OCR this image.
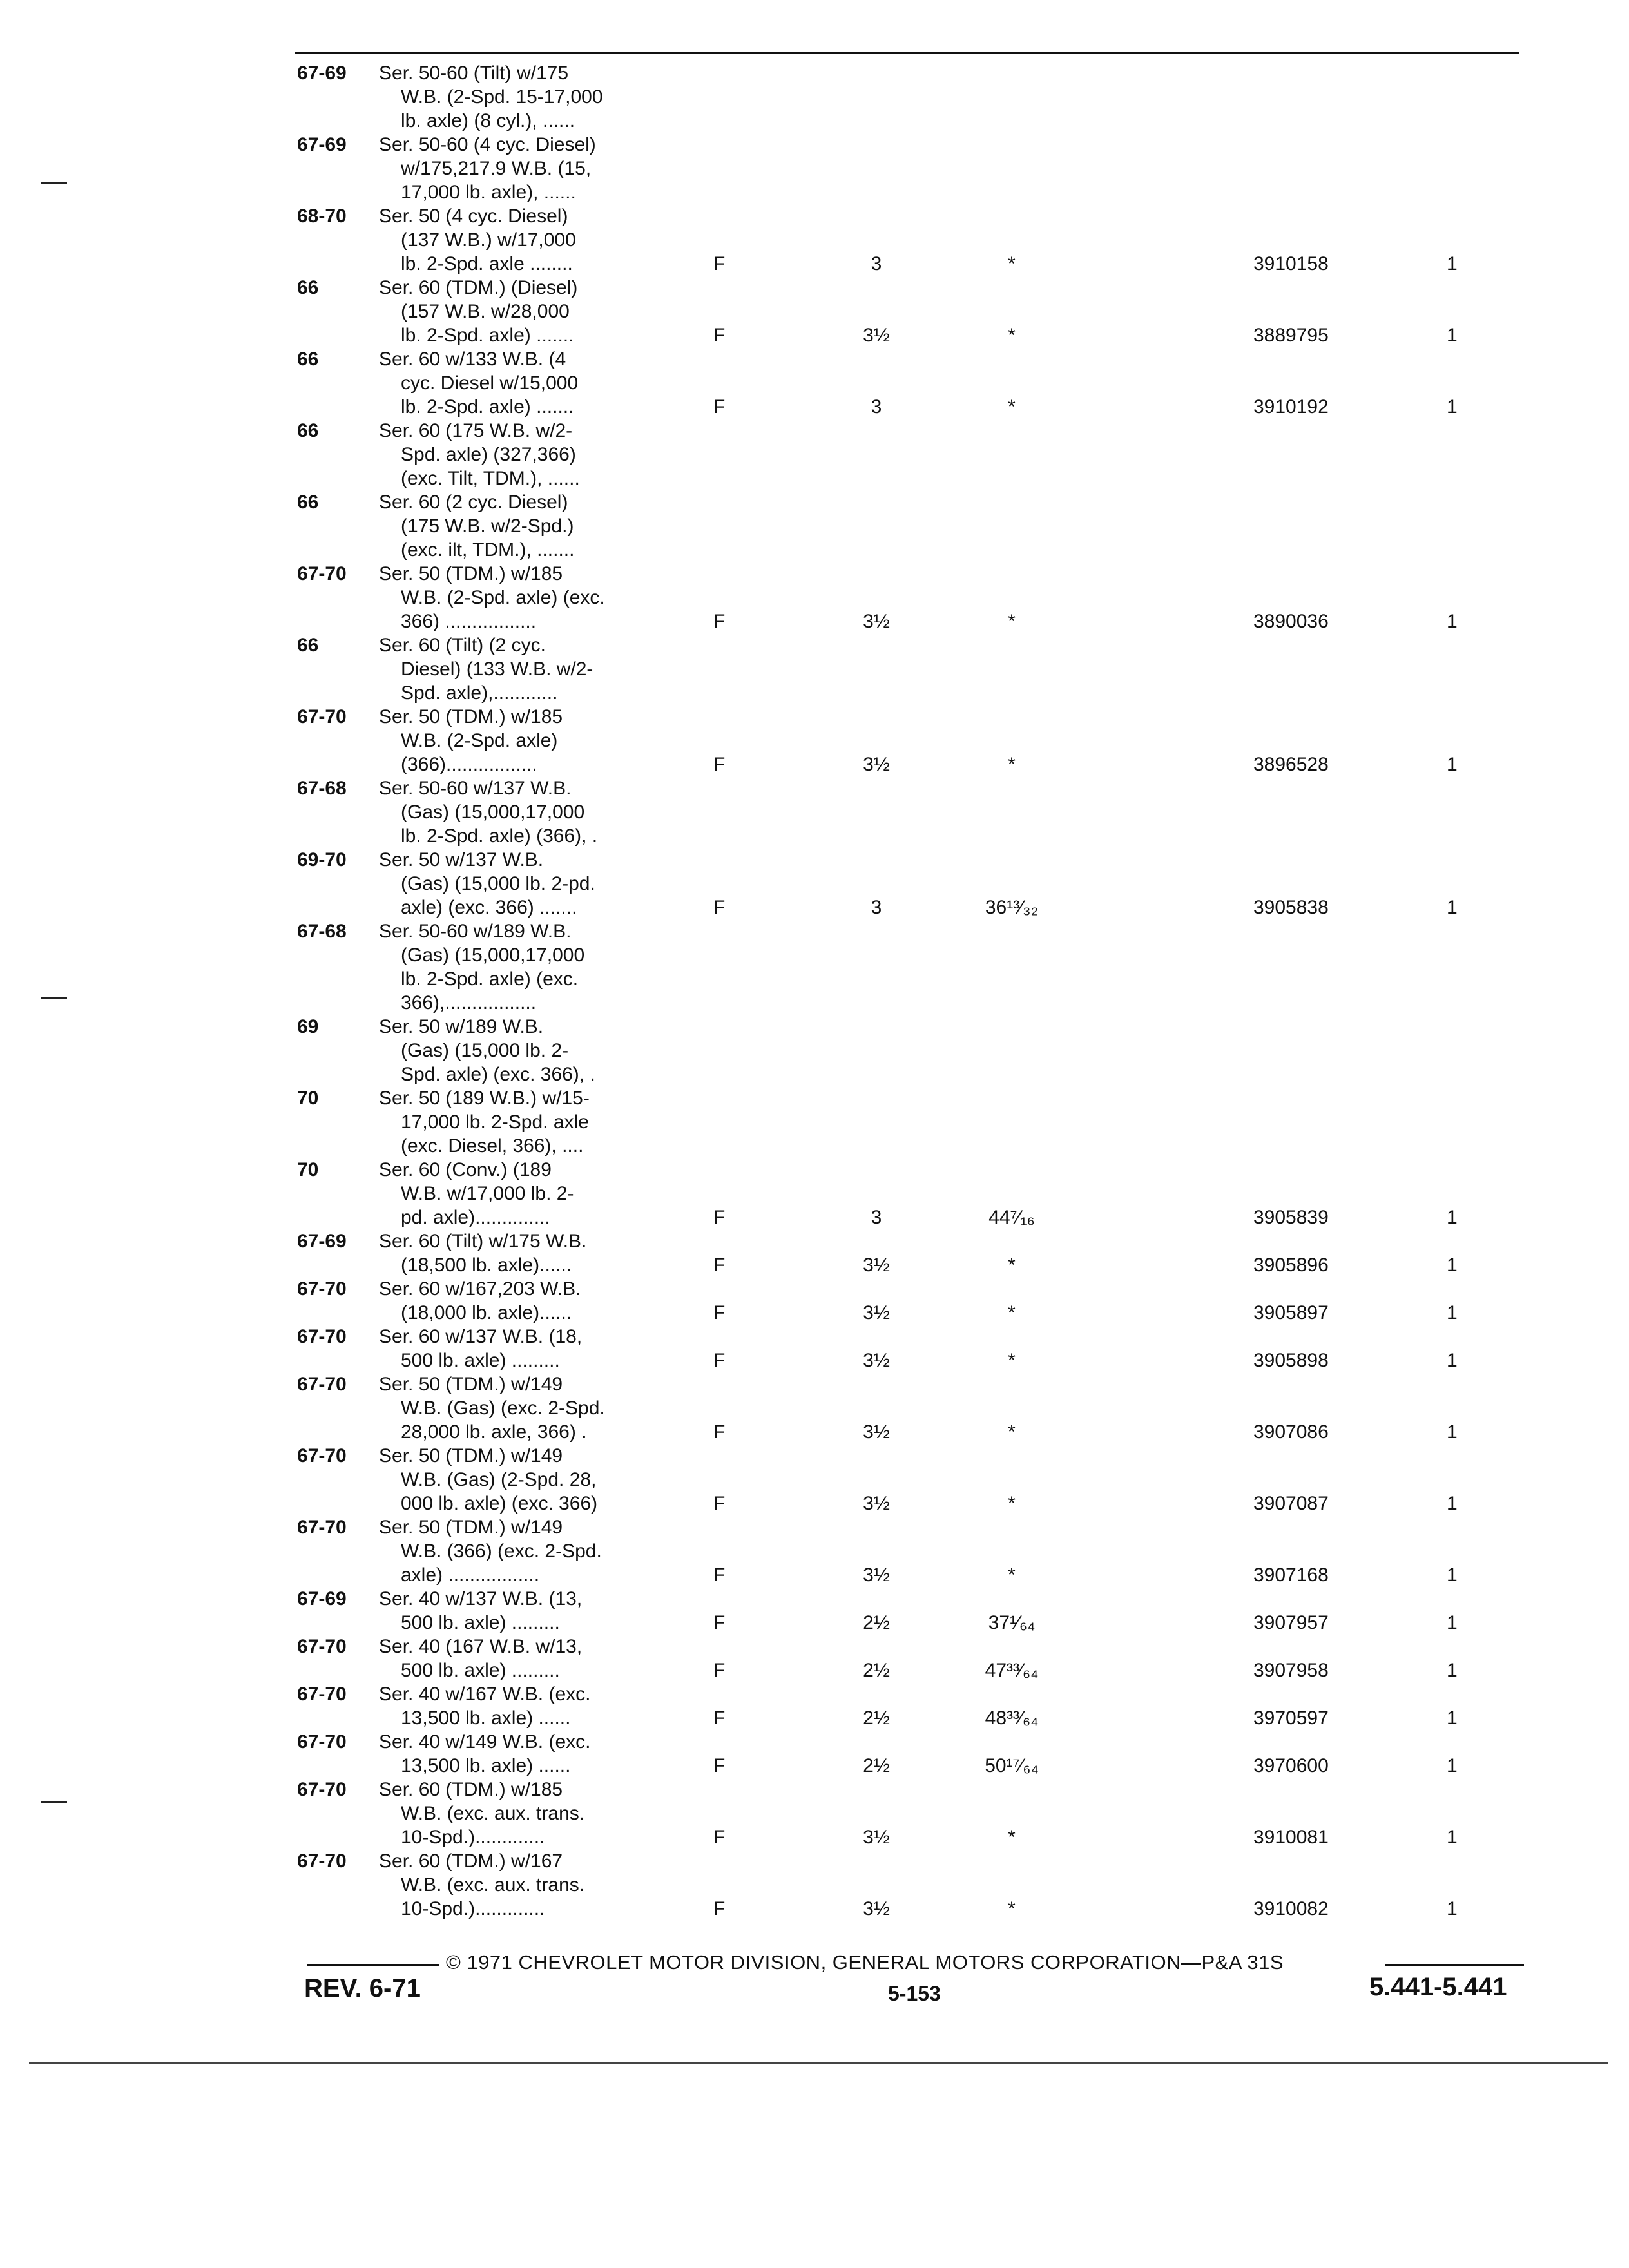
67-69 Ser. 50-60 (Tilt) w/175
W.B. (2-Spd. 15-17,000
lb. axle) (8 cyl.), ......
67-69 Ser. 50-60 (4 cyc. Diesel)
w/175,217.9 W.B. (15,
17,000 lb. axle), ......
68-70 Ser. 50 (4 cyc. Diesel)
(137 W.B.) w/17,000
lb. 2-Spd. axle ........	F	3	*	3910158	1
66	Ser. 60 (TDM.) (Diesel)
(157 W.B. w/28,000
lb. 2-Spd. axle) .......	F	3½	*	3889795	1
66	Ser. 60 w/133 W.B. (4
cyc. Diesel w/15,000
lb. 2-Spd. axle) .......	F	3	*	3910192	1
66	Ser. 60 (175 W.B. w/2-
Spd. axle) (327,366)
(exc. Tilt, TDM.), ......
66	Ser. 60 (2 cyc. Diesel)
(175 W.B. w/2-Spd.)
(exc. ilt, TDM.), .......
67-70 Ser. 50 (TDM.) w/185
W.B. (2-Spd. axle) (exc.
366) .................	F	3½	*	3890036	1
66	Ser. 60 (Tilt) (2 cyc.
Diesel) (133 W.B. w/2-
Spd. axle),............
67-70 Ser. 50 (TDM.) w/185
W.B. (2-Spd. axle)
(366).................	F	3½	*	3896528	1
67-68 Ser. 50-60 w/137 W.B.
(Gas) (15,000,17,000
lb. 2-Spd. axle) (366), .
69-70 Ser. 50 w/137 W.B.
(Gas) (15,000 lb. 2-pd.
axle) (exc. 366) .......	F	3	36¹³⁄₃₂	3905838	1
67-68 Ser. 50-60 w/189 W.B.
(Gas) (15,000,17,000
lb. 2-Spd. axle) (exc.
366),.................
69	Ser. 50 w/189 W.B.
(Gas) (15,000 lb. 2-
Spd. axle) (exc. 366), .
70	Ser. 50 (189 W.B.) w/15-
17,000 lb. 2-Spd. axle
(exc. Diesel, 366), ....
70	Ser. 60 (Conv.) (189
W.B. w/17,000 lb. 2-
pd. axle)..............	F	3	44⁷⁄₁₆	3905839	1
67-69 Ser. 60 (Tilt) w/175 W.B.
(18,500 lb. axle)......	F	3½	*	3905896	1
67-70 Ser. 60 w/167,203 W.B.
(18,000 lb. axle)......	F	3½	*	3905897	1
67-70 Ser. 60 w/137 W.B. (18,
500 lb. axle) .........	F	3½	*	3905898	1
67-70 Ser. 50 (TDM.) w/149
W.B. (Gas) (exc. 2-Spd.
28,000 lb. axle, 366) .	F	3½	*	3907086	1
67-70 Ser. 50 (TDM.) w/149
W.B. (Gas) (2-Spd. 28,
000 lb. axle) (exc. 366)	F	3½	*	3907087	1
67-70 Ser. 50 (TDM.) w/149
W.B. (366) (exc. 2-Spd.
axle) .................	F	3½	*	3907168	1
67-69 Ser. 40 w/137 W.B. (13,
500 lb. axle) .........	F	2½	37¹⁄₆₄	3907957	1
67-70 Ser. 40 (167 W.B. w/13,
500 lb. axle) .........	F	2½	47³³⁄₆₄	3907958	1
67-70 Ser. 40 w/167 W.B. (exc.
13,500 lb. axle) ......	F	2½	48³³⁄₆₄	3970597	1
67-70 Ser. 40 w/149 W.B. (exc.
13,500 lb. axle) ......	F	2½	50¹⁷⁄₆₄	3970600	1
67-70 Ser. 60 (TDM.) w/185
W.B. (exc. aux. trans.
10-Spd.).............	F	3½	*	3910081	1
67-70 Ser. 60 (TDM.) w/167
W.B. (exc. aux. trans.
10-Spd.).............	F	3½	*	3910082	1
© 1971 CHEVROLET MOTOR DIVISION, GENERAL MOTORS CORPORATION—P&A 31S
REV. 6-71	5-153	5.441-5.441
